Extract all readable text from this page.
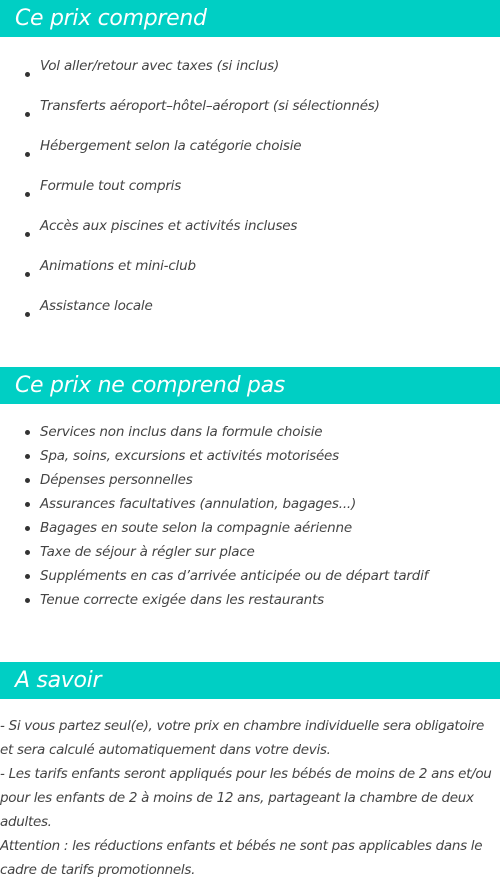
Ce prix comprend
Vol aller/retour avec taxes (si inclus)
Transferts aéroport–hôtel–aéroport (si sélectionnés)
Hébergement selon la catégorie choisie
Formule tout compris
Accès aux piscines et activités incluses
Animations et mini-club
Assistance locale
Ce prix ne comprend pas
Services non inclus dans la formule choisie
Spa, soins, excursions et activités motorisées
Dépenses personnelles
Assurances facultatives (annulation, bagages...)
Bagages en soute selon la compagnie aérienne
Taxe de séjour à régler sur place
Suppléments en cas d’arrivée anticipée ou de départ tardif
Tenue correcte exigée dans les restaurants
A savoir

- Si vous partez seul(e), votre prix en chambre individuelle sera obligatoire et sera calculé automatiquement dans votre devis.

- Les tarifs enfants seront appliqués pour les bébés de moins de 2 ans et/ou pour les enfants de 2 à moins de 12 ans, partageant la chambre de deux adultes.

Attention : les réductions enfants et bébés ne sont pas applicables dans le cadre de tarifs promotionnels.
